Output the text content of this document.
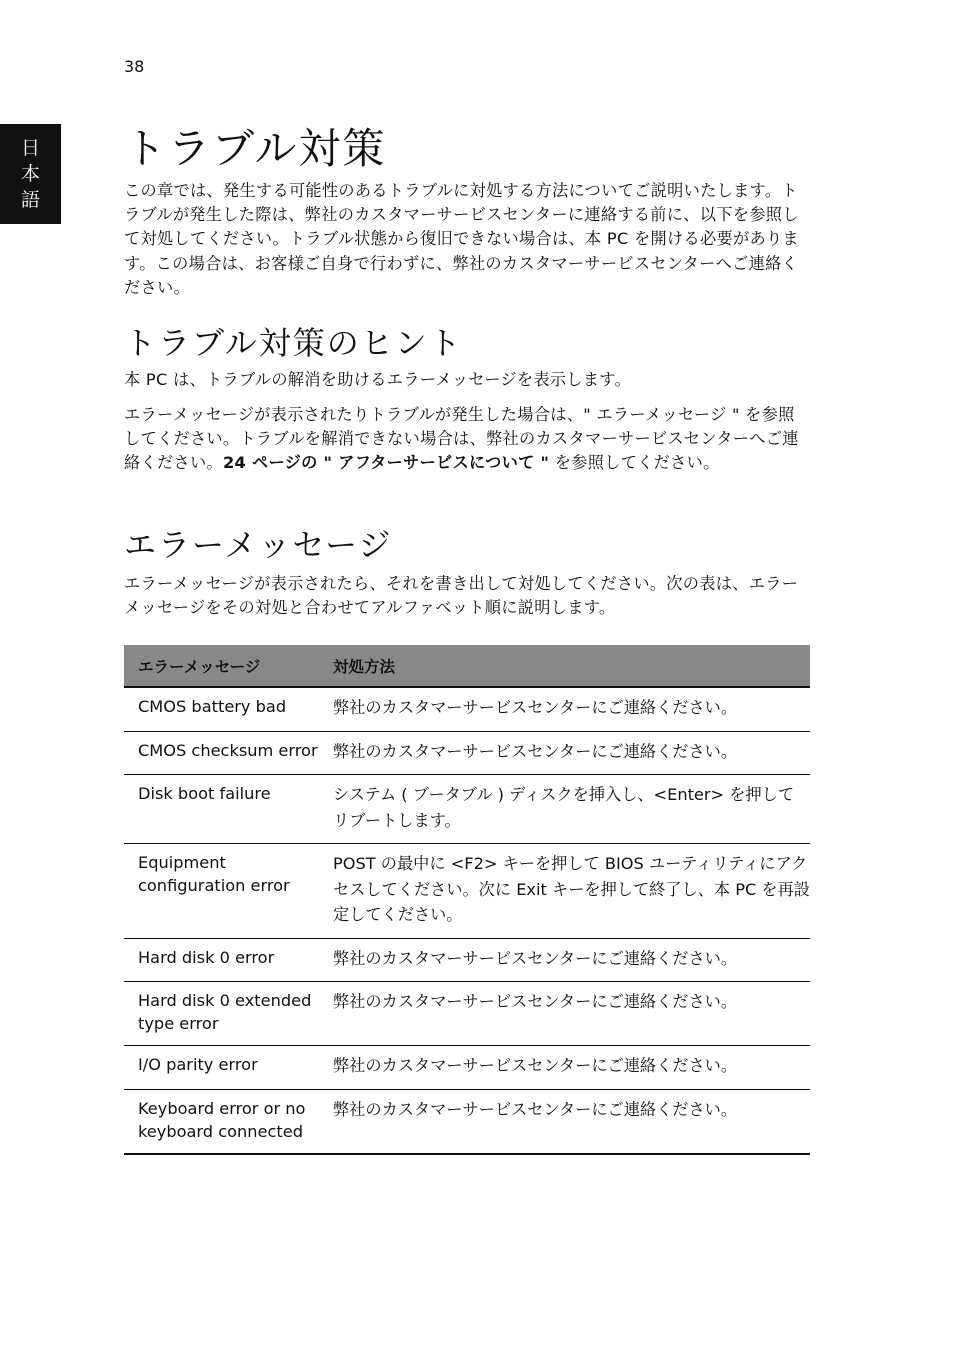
38
日
本
語
トラブル対策

この章では、発生する可能性のあるトラブルに対処する方法についてご説明いたします。トラブルが発生した際は、弊社のカスタマーサービスセンターに連絡する前に、以下を参照して対処してください。トラブル状態から復旧できない場合は、本 PC を開ける必要があります。この場合は、お客様ご自身で行わずに、弊社のカスタマーサービスセンターへご連絡ください。

トラブル対策のヒント

本 PC は、トラブルの解消を助けるエラーメッセージを表示します。

エラーメッセージが表示されたりトラブルが発生した場合は、" エラーメッセージ " を参照してください。トラブルを解消できない場合は、弊社のカスタマーサービスセンターへご連絡ください。24 ページの " アフターサービスについて " を参照してください。

エラーメッセージ

エラーメッセージが表示されたら、それを書き出して対処してください。次の表は、エラーメッセージをその対処と合わせてアルファベット順に説明します。

エラーメッセージ	対処方法
CMOS battery bad	弊社のカスタマーサービスセンターにご連絡ください。
CMOS checksum error	弊社のカスタマーサービスセンターにご連絡ください。
Disk boot failure	システム ( ブータブル ) ディスクを挿入し、<Enter> を押してリブートします。
Equipment configuration error	POST の最中に <F2> キーを押して BIOS ユーティリティにアクセスしてください。次に Exit キーを押して終了し、本 PC を再設定してください。
Hard disk 0 error	弊社のカスタマーサービスセンターにご連絡ください。
Hard disk 0 extended type error	弊社のカスタマーサービスセンターにご連絡ください。
I/O parity error	弊社のカスタマーサービスセンターにご連絡ください。
Keyboard error or no keyboard connected	弊社のカスタマーサービスセンターにご連絡ください。
